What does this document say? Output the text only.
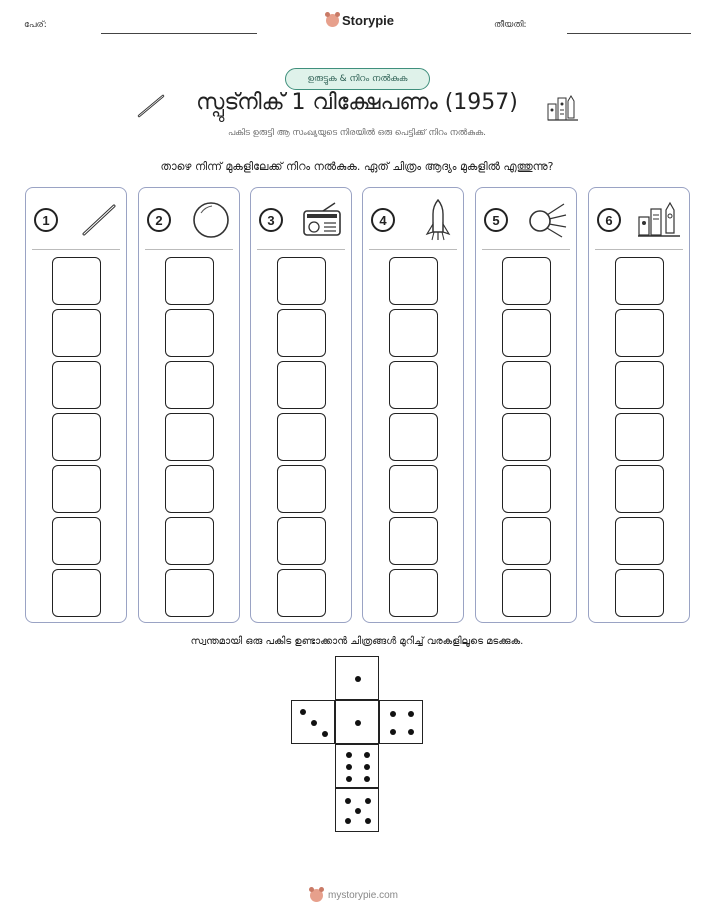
പേര്:	Storypie	തീയതി:
ഉരുട്ടുക & നിറം നൽകുക
സ്പുട്നിക് 1 വിക്ഷേപണം (1957)
പകിട ഉരുട്ടി ആ സംഖ്യയുടെ നിരയിൽ ഒരു പെട്ടിക്ക് നിറം നൽകുക.
താഴെ നിന്ന് മുകളിലേക്ക് നിറം നൽകുക. ഏത് ചിത്രം ആദ്യം മുകളിൽ എത്തുന്നു?
1	2	3	4	5	6
സ്വന്തമായി ഒരു പകിട ഉണ്ടാക്കാൻ ചിത്രങ്ങൾ മുറിച്ച് വരകളിലൂടെ മടക്കുക.
mystorypie.com
